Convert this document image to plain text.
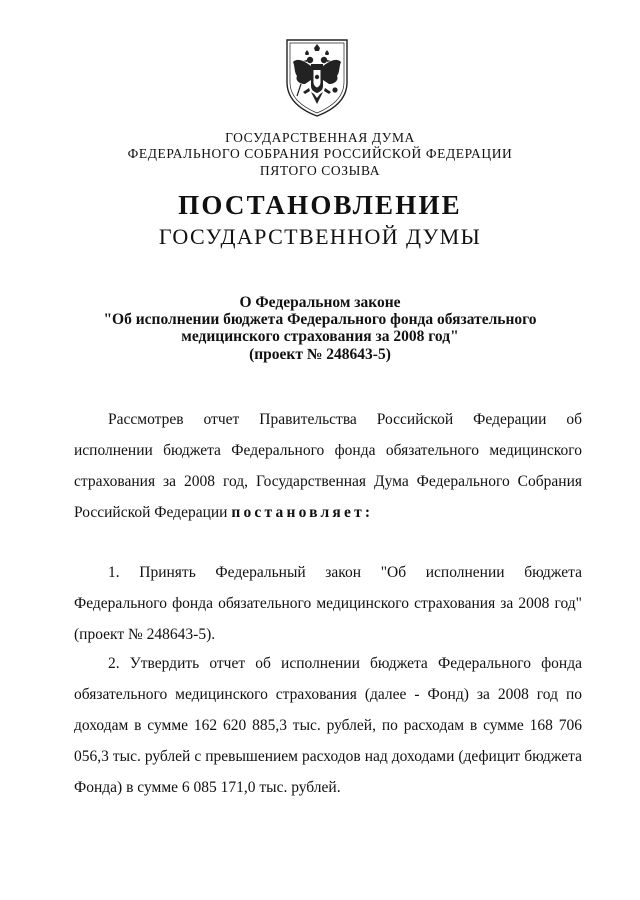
ГОСУДАРСТВЕННАЯ ДУМА
ФЕДЕРАЛЬНОГО СОБРАНИЯ РОССИЙСКОЙ ФЕДЕРАЦИИ
ПЯТОГО СОЗЫВА
ПОСТАНОВЛЕНИЕ
ГОСУДАРСТВЕННОЙ ДУМЫ
О Федеральном законе
"Об исполнении бюджета Федерального фонда обязательного
медицинского страхования за 2008 год"
(проект № 248643-5)

Рассмотрев отчет Правительства Российской Федерации об исполнении бюджета Федерального фонда обязательного медицинского страхования за 2008 год, Государственная Дума Федерального Собрания Российской Федерации постановляет:

1. Принять Федеральный закон "Об исполнении бюджета Федерального фонда обязательного медицинского страхования за 2008 год" (проект № 248643-5).

2. Утвердить отчет об исполнении бюджета Федерального фонда обязательного медицинского страхования (далее - Фонд) за 2008 год по доходам в сумме 162 620 885,3 тыс. рублей, по расходам в сумме 168 706 056,3 тыс. рублей с превышением расходов над доходами (дефицит бюджета Фонда) в сумме 6 085 171,0 тыс. рублей.
